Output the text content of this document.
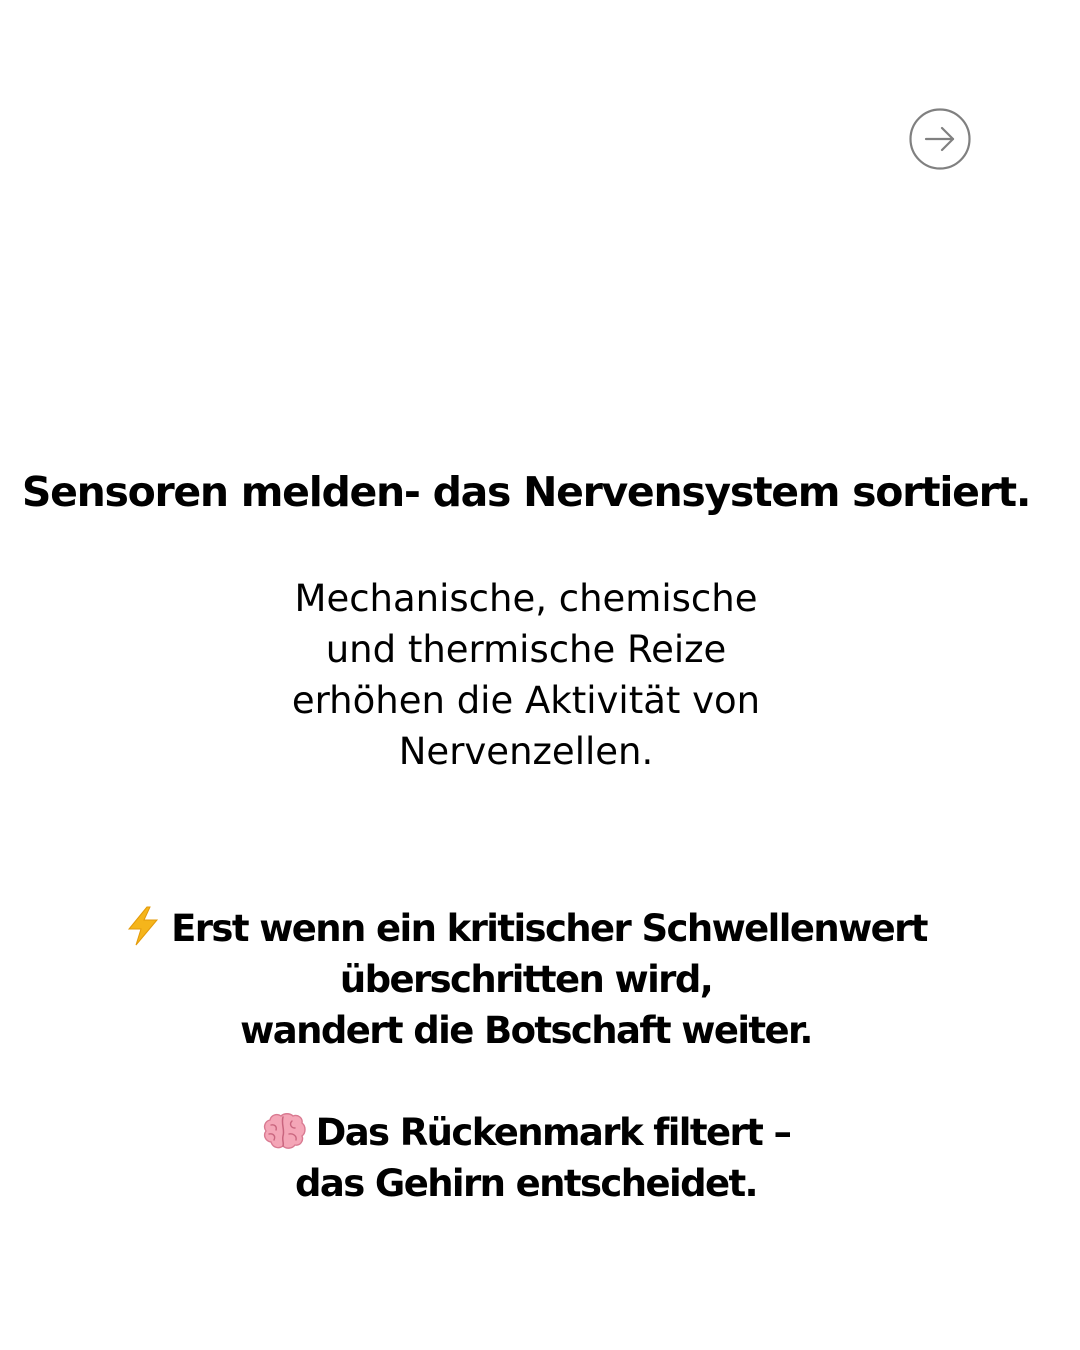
Sensoren melden- das Nervensystem sortiert.
Mechanische, chemische
und thermische Reize
erhöhen die Aktivität von
Nervenzellen.
Erst wenn ein kritischer Schwellenwert
überschritten wird,
wandert die Botschaft weiter.
Das Rückenmark filtert –
das Gehirn entscheidet.
